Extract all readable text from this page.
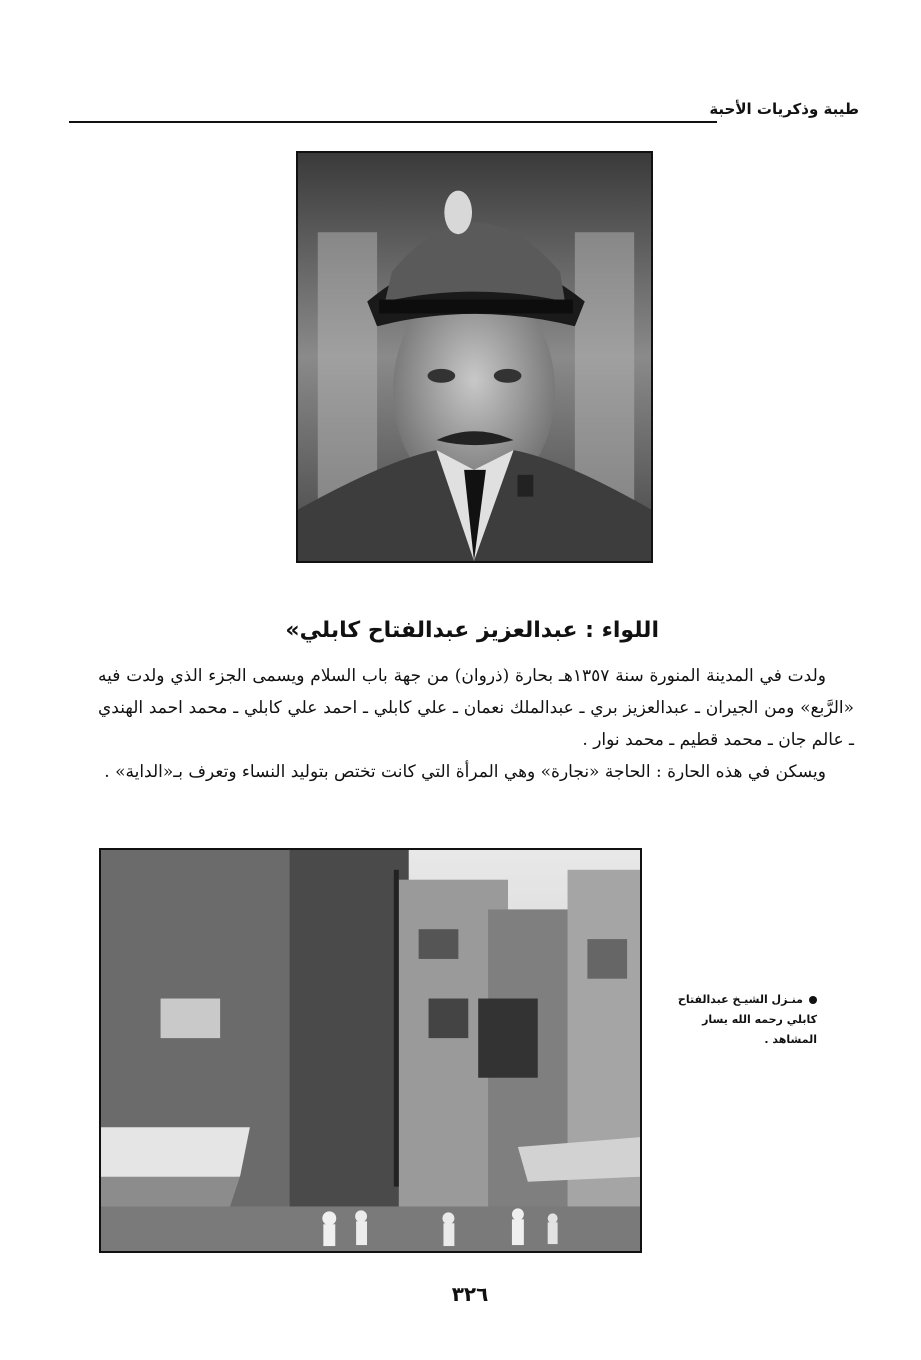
طيبة وذكريات الأحبة
اللواء : عبدالعزيز عبدالفتاح كابلي»

ولدت في المدينة المنورة سنة ١٣٥٧هـ بحارة (ذروان) من جهة باب السلام ويسمى الجزء الذي ولدت فيه «الرَّبع» ومن الجيران ـ عبدالعزيز بري ـ عبدالملك نعمان ـ علي كابلي ـ احمد علي كابلي ـ محمد احمد الهندي ـ عالم جان ـ محمد قطيم ـ محمد نوار .

ويسكن في هذه الحارة : الحاجة «نجارة» وهي المرأة التي كانت تختص بتوليد النساء وتعرف بـ«الداية» .

منـزل الشيـخ عبدالفتاح كابلي رحمه الله يسار المشاهد .
٣٢٦
